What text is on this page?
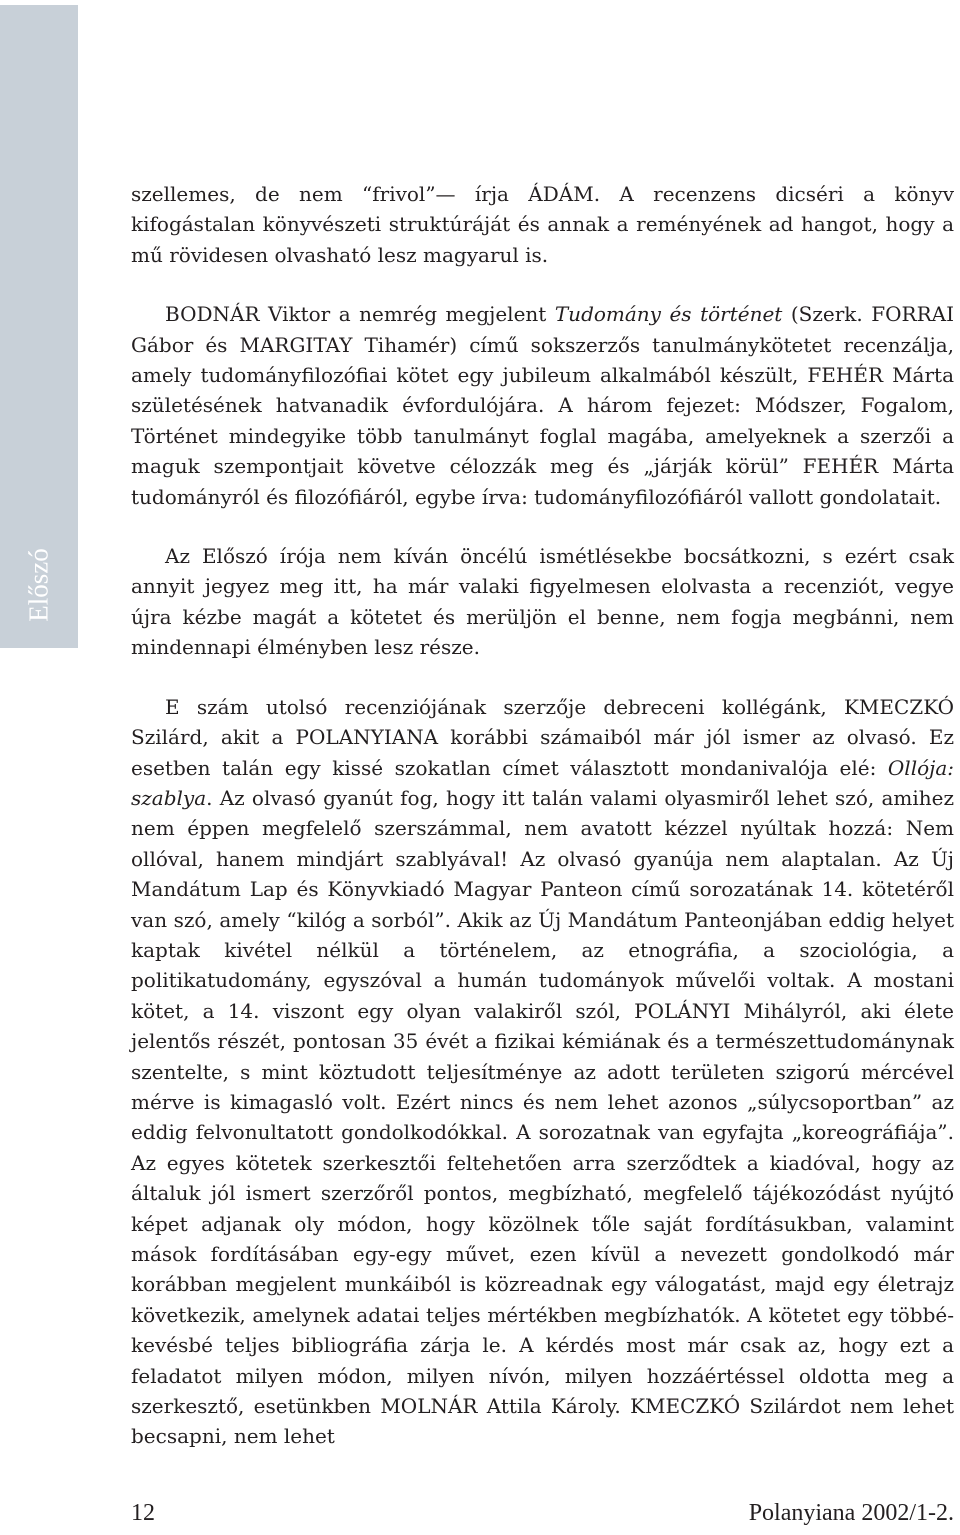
Előszó

szellemes, de nem “frivol”— írja ÁDÁM. A recenzens dicséri a könyv kifogástalan könyvészeti struktúráját és annak a reményének ad hangot, hogy a mű rövidesen olvasható lesz magyarul is.

BODNÁR Viktor a nemrég megjelent Tudomány és történet (Szerk. FORRAI Gábor és MARGITAY Tihamér) című sokszerzős tanulmánykötetet recenzálja, amely tudományfilozófiai kötet egy jubileum alkalmából készült, FEHÉR Márta születésének hatvanadik évfordulójára. A három fejezet: Módszer, Fogalom, Történet mindegyike több tanulmányt foglal magába, amelyeknek a szerzői a maguk szempontjait követve célozzák meg és „járják körül” FEHÉR Márta tudományról és filozófiáról, egybe írva: tudományfilozófiáról vallott gondolatait.

Az Előszó írója nem kíván öncélú ismétlésekbe bocsátkozni, s ezért csak annyit jegyez meg itt, ha már valaki figyelmesen elolvasta a recenziót, vegye újra kézbe magát a kötetet és merüljön el benne, nem fogja megbánni, nem mindennapi élményben lesz része.

E szám utolsó recenziójának szerzője debreceni kollégánk, KMECZKÓ Szilárd, akit a POLANYIANA korábbi számaiból már jól ismer az olvasó. Ez esetben talán egy kissé szokatlan címet választott mondanivalója elé: Ollója: szablya. Az olvasó gyanút fog, hogy itt talán valami olyasmiről lehet szó, amihez nem éppen megfelelő szerszámmal, nem avatott kézzel nyúltak hozzá: Nem ollóval, hanem mindjárt szablyával! Az olvasó gyanúja nem alaptalan. Az Új Mandátum Lap és Könyvkiadó Magyar Panteon című sorozatának 14. kötetéről van szó, amely “kilóg a sorból”. Akik az Új Mandátum Panteonjában eddig helyet kaptak kivétel nélkül a történelem, az etnográfia, a szociológia, a politikatudomány, egyszóval a humán tudományok művelői voltak. A mostani kötet, a 14. viszont egy olyan valakiről szól, POLÁNYI Mihályról, aki élete jelentős részét, pontosan 35 évét a fizikai kémiának és a természettudománynak szentelte, s mint köztudott teljesítménye az adott területen szigorú mércével mérve is kimagasló volt. Ezért nincs és nem lehet azonos „súlycsoportban” az eddig felvonultatott gondolkodókkal. A sorozatnak van egyfajta „koreográfiája”. Az egyes kötetek szerkesztői feltehetően arra szerződtek a kiadóval, hogy az általuk jól ismert szerzőről pontos, megbízható, megfelelő tájékozódást nyújtó képet adjanak oly módon, hogy közölnek tőle saját fordításukban, valamint mások fordításában egy-egy művet, ezen kívül a nevezett gondolkodó már korábban megjelent munkáiból is közreadnak egy válogatást, majd egy életrajz következik, amelynek adatai teljes mértékben megbízhatók. A kötetet egy többé-kevésbé teljes bibliográfia zárja le. A kérdés most már csak az, hogy ezt a feladatot milyen módon, milyen nívón, milyen hozzáértéssel oldotta meg a szerkesztő, esetünkben MOLNÁR Attila Károly. KMECZKÓ Szilárdot nem lehet becsapni, nem lehet

12	Polanyiana 2002/1-2.
